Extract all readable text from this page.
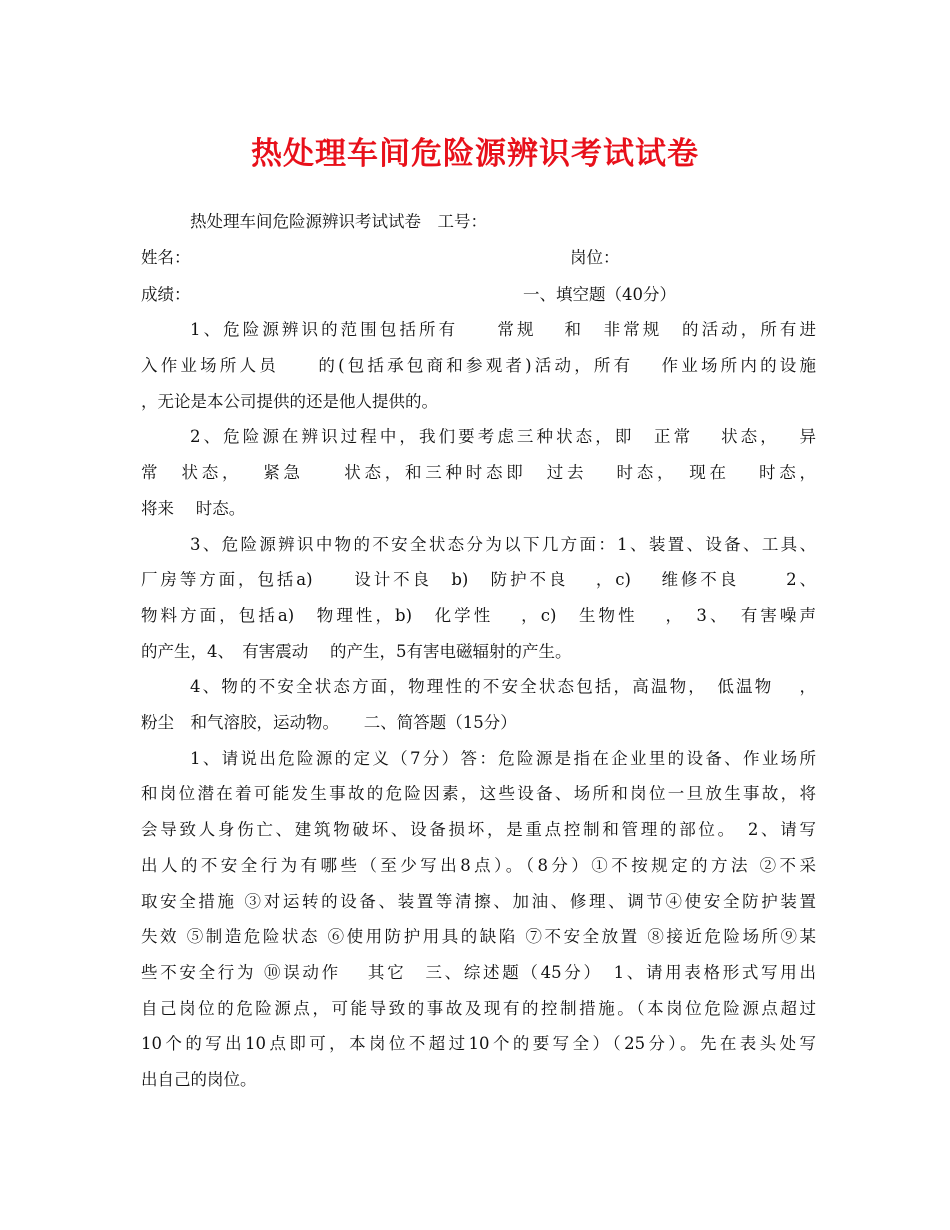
热处理车间危险源辨识考试试卷
热处理车间危险源辨识考试试卷　工号：
姓名：	岗位：
成绩：	一、填空题（40分）
1、危险源辨识的范围包括所有　　常规　 和　非常规　的活动，所有进
入作业场所人员　　的(包括承包商和参观者)活动，所有　 作业场所内的设施
，无论是本公司提供的还是他人提供的。
2、危险源在辨识过程中，我们要考虑三种状态，即　正常　 状态，　 异
常　状态，　 紧急　　状态，和三种时态即　过去　 时态，　现在　 时态，
将来　 时态。
3、危险源辨识中物的不安全状态分为以下几方面：1、装置、设备、工具、
厂房等方面，包括a)　　设计不良　b)　防护不良　 ，c)　 维修不良　　 2、
物料方面，包括a)　物理性，b)　化学性　 ，c)　生物性　 ，　3、　有害噪声
的产生，4、　有害震动　 的产生，5有害电磁辐射的产生。
4、物的不安全状态方面，物理性的不安全状态包括，高温物，　低温物　 ，
粉尘　和气溶胶，运动物。　　二、简答题（15分）
1、请说出危险源的定义（7分）答：危险源是指在企业里的设备、作业场所
和岗位潜在着可能发生事故的危险因素，这些设备、场所和岗位一旦放生事故，将
会导致人身伤亡、建筑物破坏、设备损坏，是重点控制和管理的部位。　2、请写
出人的不安全行为有哪些（至少写出8点）。（8分）①不按规定的方法 ②不采
取安全措施 ③对运转的设备、装置等清擦、加油、修理、调节④使安全防护装置
失效 ⑤制造危险状态 ⑥使用防护用具的缺陷 ⑦不安全放置 ⑧接近危险场所⑨某
些不安全行为 ⑩误动作　 其它　三、综述题（45分）　1、请用表格形式写用出
自己岗位的危险源点，可能导致的事故及现有的控制措施。（本岗位危险源点超过
10个的写出10点即可，本岗位不超过10个的要写全）（25分）。先在表头处写
出自己的岗位。
